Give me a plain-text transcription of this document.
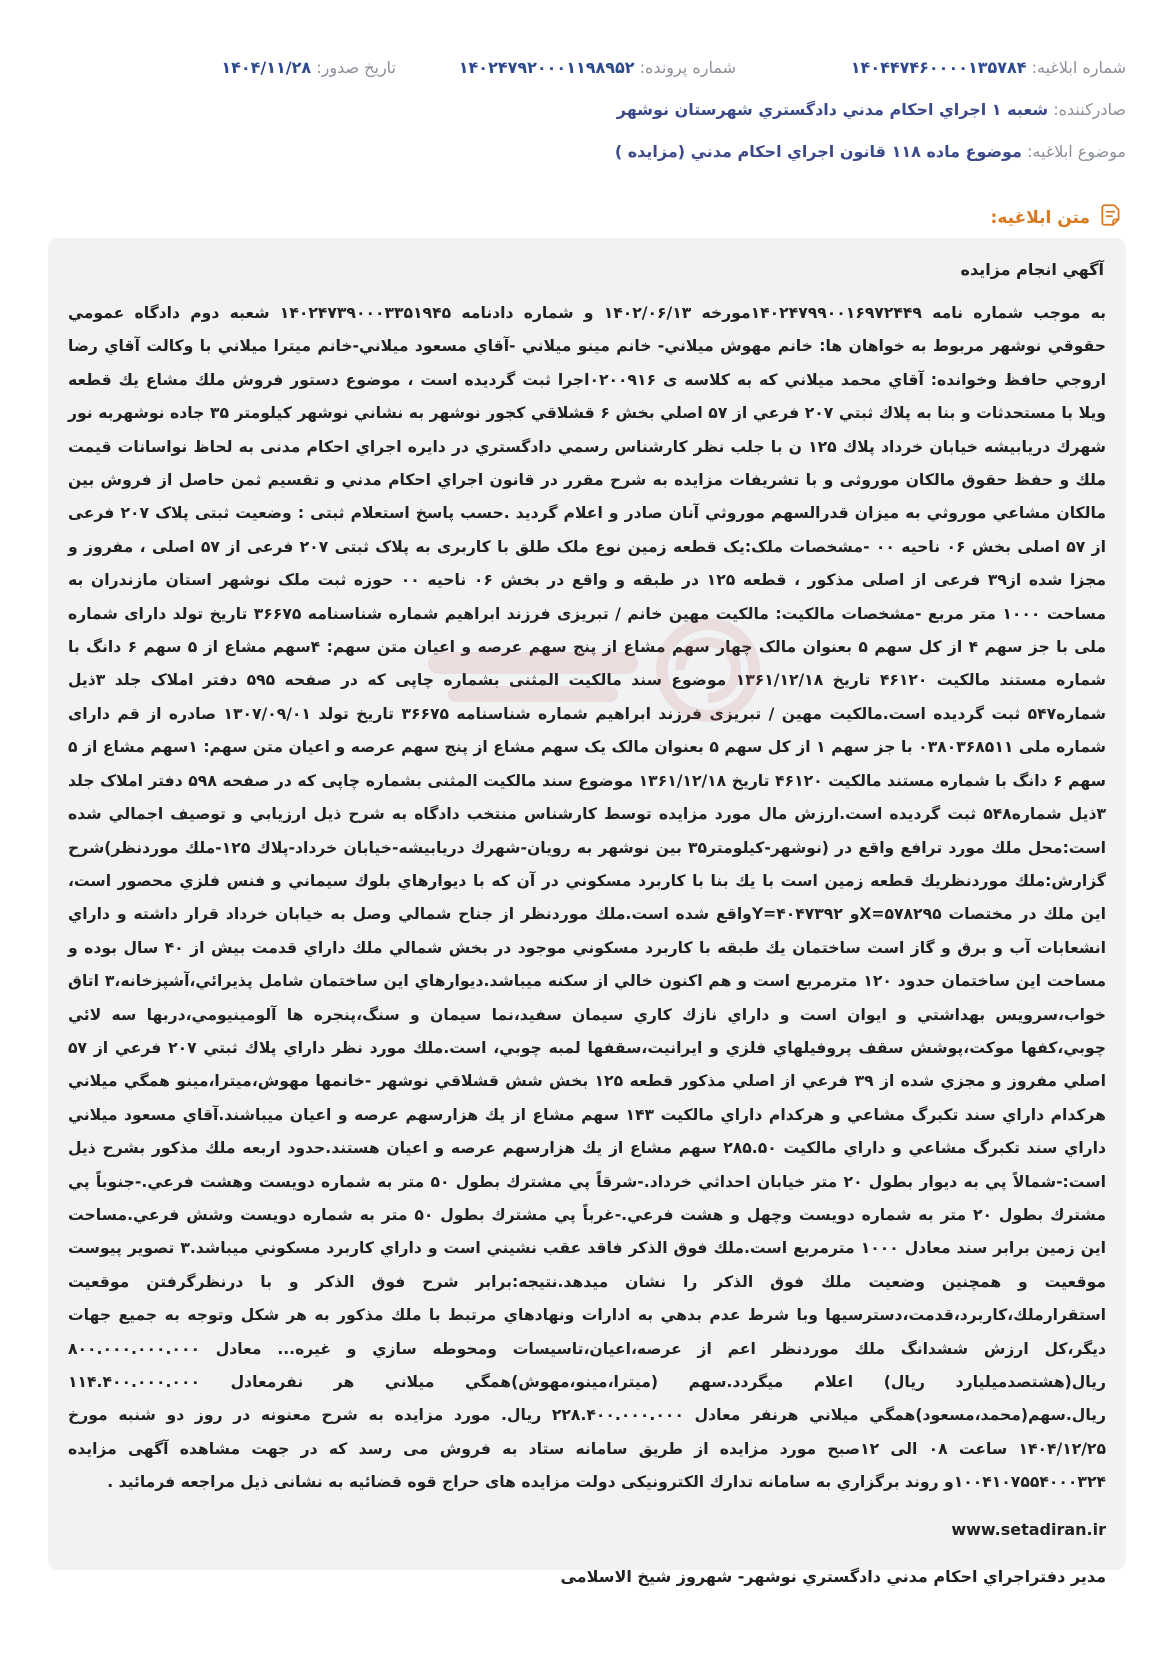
شماره ابلاغيه: ۱۴۰۴۴۷۴۶۰۰۰۰۱۳۵۷۸۴
شماره پرونده: ۱۴۰۲۴۷۹۲۰۰۰۱۱۹۸۹۵۲
تاريخ صدور: ۱۴۰۴/۱۱/۲۸
صادرکننده: شعبه ۱ اجراي احکام مدني دادگستري شهرستان نوشهر
موضوع ابلاغيه: موضوع ماده ۱۱۸ قانون اجراي احکام مدني (مزايده )
متن ابلاغيه:
آگهي انجام مزايده

به موجب شماره نامه ۱۴۰۲۴۷۹۹۰۰۱۶۹۷۲۴۴۹مورخه ۱۴۰۲/۰۶/۱۳ و شماره دادنامه ۱۴۰۲۴۷۳۹۰۰۰۳۳۵۱۹۴۵ شعبه دوم دادگاه عمومي حقوقي نوشهر مربوط به خواهان ها: خانم مهوش ميلاني- خانم مينو ميلاني -آقاي مسعود ميلاني-خانم ميترا ميلاني با وکالت آقاي رضا اروجي حافظ وخوانده: آقاي محمد ميلاني که به کلاسه ی ۰۲۰۰۹۱۶اجرا ثبت گرديده است ، موضوع دستور فروش ملك مشاع يك قطعه ويلا با مستحدثات و بنا به پلاك ثبتي ۲۰۷ فرعي از ۵۷ اصلي بخش ۶ قشلاقي كجور نوشهر به نشاني نوشهر كيلومتر ۳۵ جاده نوشهربه نور شهرك دريابيشه خيابان خرداد پلاك ۱۲۵ ن با جلب نظر كارشناس رسمي دادگستري در دايره اجراي احكام مدنى به لحاظ نواسانات قيمت ملك و حفظ حقوق مالكان موروثى و با تشريفات مزايده به شرح مقرر در قانون اجراي احکام مدني و تقسيم ثمن حاصل از فروش بين مالكان مشاعي موروثي به ميزان قدرالسهم موروثي آنان صادر و اعلام گرديد .حسب پاسخ استعلام ثبتی : وضعیت ثبتی پلاک ۲۰۷ فرعی از ۵۷ اصلی بخش ۰۶ ناحیه ۰۰ -مشخصات ملک:یک قطعه زمین نوع ملک طلق با کاربری به پلاک ثبتی ۲۰۷ فرعی از ۵۷ اصلی ، مفروز و مجزا شده از۳۹ فرعی از اصلی مذکور ، قطعه ۱۲۵ در طبقه و واقع در بخش ۰۶ ناحیه ۰۰ حوزه ثبت ملک نوشهر استان مازندران به مساحت ۱۰۰۰ متر مربع -مشخصات مالکیت: مالکیت مهین خانم / تبریزی فرزند ابراهیم شماره شناسنامه ۳۶۶۷۵ تاریخ تولد دارای شماره ملی با جز سهم ۴ از کل سهم ۵ بعنوان مالک چهار سهم مشاع از پنج سهم عرصه و اعیان متن سهم: ۴سهم مشاع از ۵ سهم ۶ دانگ با شماره مستند مالکیت ۴۶۱۲۰ تاریخ ۱۳۶۱/۱۲/۱۸ موضوع سند مالکیت المثنی بشماره چاپی که در صفحه ۵۹۵ دفتر املاک جلد ۳ذیل شماره۵۴۷ ثبت گردیده است.مالکیت مهین / تبریزی فرزند ابراهیم شماره شناسنامه ۳۶۶۷۵ تاریخ تولد ۱۳۰۷/۰۹/۰۱ صادره از قم دارای شماره ملی ۰۳۸۰۳۶۸۵۱۱ با جز سهم ۱ از کل سهم ۵ بعنوان مالک یک سهم مشاع از پنج سهم عرصه و اعیان متن سهم: ۱سهم مشاع از ۵ سهم ۶ دانگ با شماره مستند مالکیت ۴۶۱۲۰ تاریخ ۱۳۶۱/۱۲/۱۸ موضوع سند مالکیت المثنی بشماره چاپی که در صفحه ۵۹۸ دفتر املاک جلد ۳ذیل شماره۵۴۸ ثبت گردیده است.ارزش مال مورد مزايده توسط كارشناس منتخب دادگاه به شرح ذيل ارزيابي و توصيف اجمالي شده است:محل ملك مورد ترافع واقع در (نوشهر-كيلومتر۳۵ بين نوشهر به رويان-شهرك دريابيشه-خيابان خرداد-پلاك ۱۲۵-ملك موردنظر)شرح گزارش:ملك موردنظريك قطعه زمين است با يك بنا با كاربرد مسكوني در آن كه با ديوارهاي بلوك سيماني و فنس فلزي محصور است، اين ملك در مختصات X=۵۷۸۲۹۵و Y=۴۰۴۷۳۹۲واقع شده است.ملك موردنظر از جناح شمالي وصل به خيابان خرداد قرار داشته و داراي انشعابات آب و برق و گاز است ساختمان يك طبقه با كاربرد مسكوني موجود در بخش شمالي ملك داراي قدمت بيش از ۴۰ سال بوده و مساحت اين ساختمان حدود ۱۲۰ مترمربع است و هم اكنون خالي از سكنه ميباشد.ديوارهاي اين ساختمان شامل پذيرائي،آشپزخانه،۳ اتاق خواب،سرويس بهداشتي و ايوان است و داراي نازك كاري سيمان سفيد،نما سيمان و سنگ،پنجره ها آلومينيومي،دربها سه لائي چوبي،كفها موكت،پوشش سقف پروفيلهاي فلزي و ايرانيت،سقفها لمبه چوبي، است.ملك مورد نظر داراي پلاك ثبتي ۲۰۷ فرعي از ۵۷ اصلي مفروز و مجزي شده از ۳۹ فرعي از اصلي مذكور قطعه ۱۲۵ بخش شش قشلاقي نوشهر -خانمها مهوش،ميترا،مينو همگي ميلاني هركدام داراي سند تكبرگ مشاعي و هركدام داراي مالكيت ۱۴۳ سهم مشاع از يك هزارسهم عرصه و اعيان ميباشند.آقاي مسعود ميلاني داراي سند تكبرگ مشاعي و داراي مالكيت ۲۸۵.۵۰ سهم مشاع از يك هزارسهم عرصه و اعيان هستند.حدود اربعه ملك مذكور بشرح ذيل است:-شمالاً پي به ديوار بطول ۲۰ متر خيابان احداثي خرداد.-شرقاً پي مشترك بطول ۵۰ متر به شماره دويست وهشت فرعي.-جنوباً پي مشترك بطول ۲۰ متر به شماره دويست وچهل و هشت فرعي.-غرباً پي مشترك بطول ۵۰ متر به شماره دويست وشش فرعي.مساحت اين زمين برابر سند معادل ۱۰۰۰ مترمربع است.ملك فوق الذكر فاقد عقب نشيني است و داراي كاربرد مسكوني ميباشد.۳ تصوير پيوست موقعيت و همچنين وضعيت ملك فوق الذكر را نشان ميدهد.نتيجه:برابر شرح فوق الذكر و با درنظرگرفتن موقعيت استقرارملك،كاربرد،قدمت،دسترسيها وبا شرط عدم بدهي به ادارات ونهادهاي مرتبط با ملك مذكور به هر شكل وتوجه به جميع جهات ديگر،كل ارزش ششدانگ ملك موردنظر اعم از عرصه،اعيان،تاسيسات ومحوطه سازي و غيره... معادل ۸۰۰.۰۰۰.۰۰۰.۰۰۰ ريال(هشتصدميليارد ريال) اعلام ميگردد.سهم (ميترا،مينو،مهوش)همگي ميلاني هر نفرمعادل ۱۱۴.۴۰۰.۰۰۰.۰۰۰ ريال.سهم(محمد،مسعود)همگي ميلاني هرنفر معادل ۲۲۸.۴۰۰.۰۰۰.۰۰۰ ريال. مورد مزايده به شرح معنونه در روز دو شنبه مورخ ۱۴۰۴/۱۲/۲۵ ساعت ۰۸ الی ۱۲صبح مورد مزايده از طريق سامانه ستاد به فروش می رسد که در جهت مشاهده آگهی مزايده ۱۰۰۴۱۰۷۵۵۴۰۰۰۳۲۴و روند برگزاري به سامانه تدارك الكترونيكی دولت مزايده های حراج قوه قضائيه به نشانی ذيل مراجعه فرمائيد .

www.setadiran.ir
مدير دفتراجراي احکام مدني دادگستري نوشهر- شهروز شيخ الاسلامی
